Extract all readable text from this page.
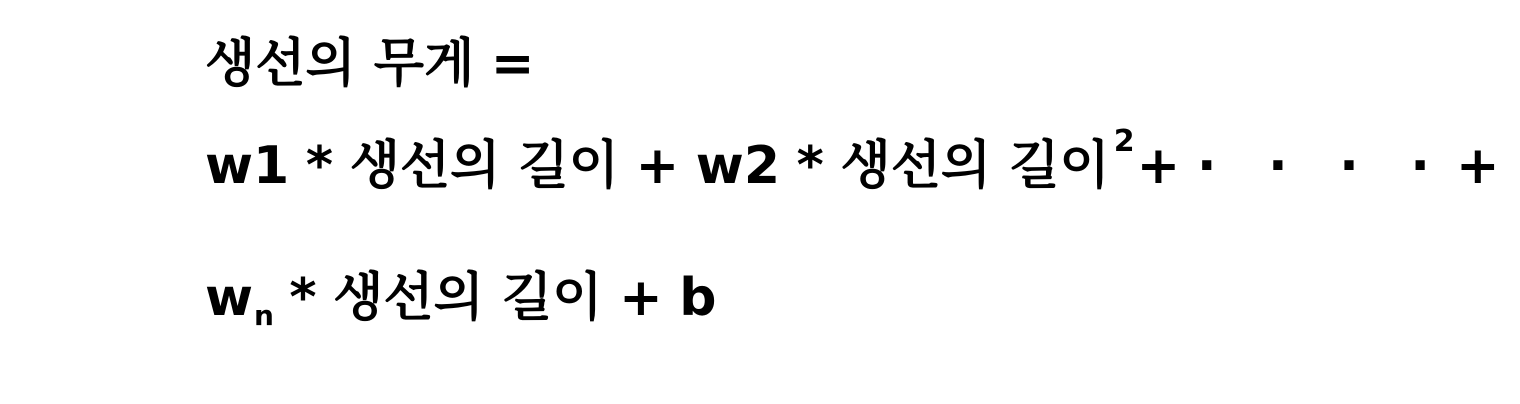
생선의 무게 =
w1 * 생선의 길이 + w2 * 생선의 길이 2+ · · · · +
wn * 생선의 길이 + b
